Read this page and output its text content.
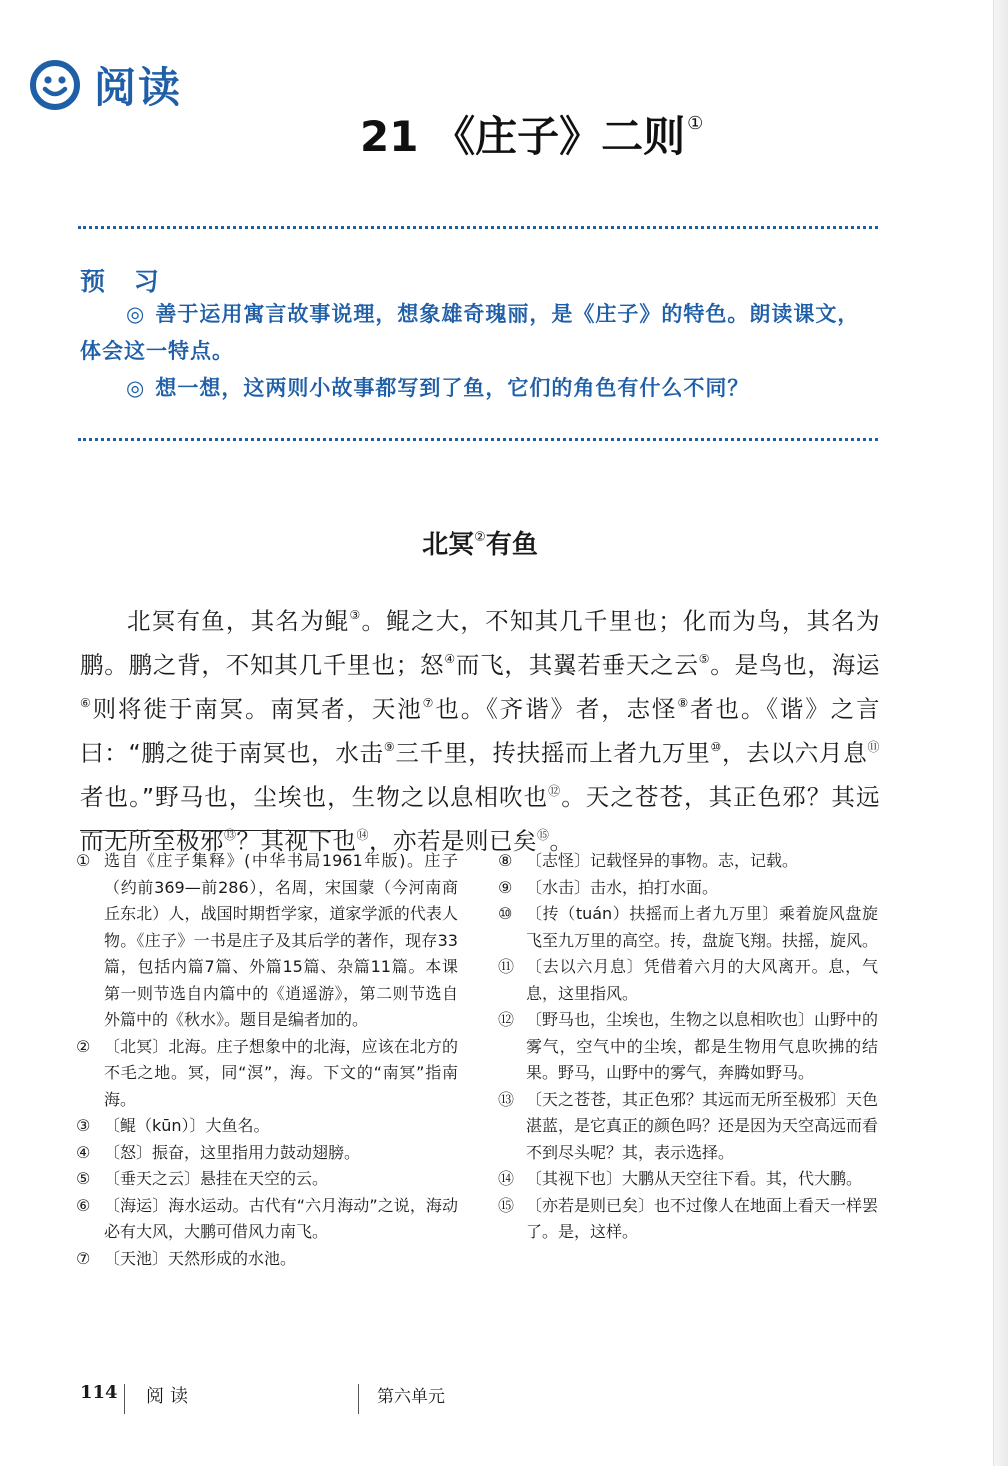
阅读
21 《庄子》二则 ①
预 习

◎ 善于运用寓言故事说理，想象雄奇瑰丽，是《庄子》的特色。朗读课文，体会这一特点。

◎ 想一想，这两则小故事都写到了鱼，它们的角色有什么不同？

北冥②有鱼
北冥有鱼，其名为鲲③。鲲之大，不知其几千里也；化而为鸟，其名为鹏。鹏之背，不知其几千里也；怒④而飞，其翼若垂天之云⑤。是鸟也，海运⑥则将徙于南冥。南冥者，天池⑦也。《齐谐》者，志怪⑧者也。《谐》之言曰：“鹏之徙于南冥也，水击⑨三千里，抟扶摇而上者九万里⑩，去以六月息⑪者也。”野马也，尘埃也，生物之以息相吹也⑫。天之苍苍，其正色邪？其远而无所至极邪⑬？其视下也⑭，亦若是则已矣⑮。
① 选自《庄子集释》(中华书局1961年版)。庄子（约前369—前286），名周，宋国蒙（今河南商丘东北）人，战国时期哲学家，道家学派的代表人物。《庄子》一书是庄子及其后学的著作，现存33篇，包括内篇7篇、外篇15篇、杂篇11篇。本课第一则节选自内篇中的《逍遥游》，第二则节选自外篇中的《秋水》。题目是编者加的。
② 〔北冥〕北海。庄子想象中的北海，应该在北方的不毛之地。冥，同“溟”，海。下文的“南冥”指南海。
③ 〔鲲（kūn）〕大鱼名。
④ 〔怒〕振奋，这里指用力鼓动翅膀。
⑤ 〔垂天之云〕悬挂在天空的云。
⑥ 〔海运〕海水运动。古代有“六月海动”之说，海动必有大风，大鹏可借风力南飞。
⑦ 〔天池〕天然形成的水池。
⑧ 〔志怪〕记载怪异的事物。志，记载。
⑨ 〔水击〕击水，拍打水面。
⑩ 〔抟（tuán）扶摇而上者九万里〕乘着旋风盘旋飞至九万里的高空。抟，盘旋飞翔。扶摇，旋风。
⑪ 〔去以六月息〕凭借着六月的大风离开。息，气息，这里指风。
⑫ 〔野马也，尘埃也，生物之以息相吹也〕山野中的雾气，空气中的尘埃，都是生物用气息吹拂的结果。野马，山野中的雾气，奔腾如野马。
⑬ 〔天之苍苍，其正色邪？其远而无所至极邪〕天色湛蓝，是它真正的颜色吗？还是因为天空高远而看不到尽头呢？其，表示选择。
⑭ 〔其视下也〕大鹏从天空往下看。其，代大鹏。
⑮ 〔亦若是则已矣〕也不过像人在地面上看天一样罢了。是，这样。
114 阅读	第六单元
